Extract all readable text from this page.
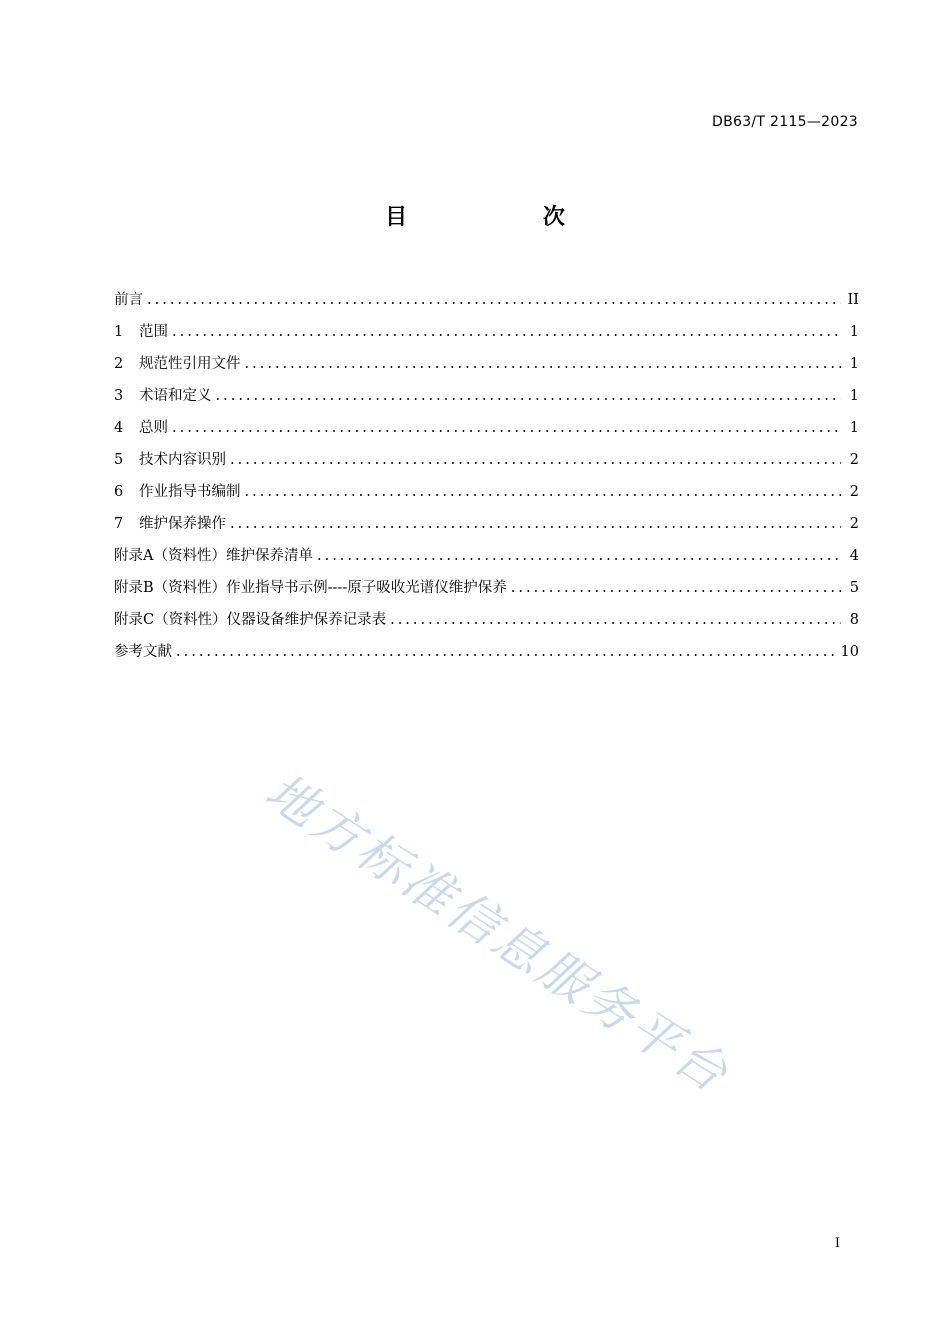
DB63/T 2115—2023
目 次
前言 .....	II
1	范围 .....	1
2	规范性引用文件 .....	1
3	术语和定义 .....	1
4	总则 .....	1
5	技术内容识别 .....	2
6	作业指导书编制 .....	2
7	维护保养操作 .....	2
附录A（资料性）维护保养清单 .....	4
附录B（资料性）作业指导书示例----原子吸收光谱仪维护保养 .....	5
附录C（资料性）仪器设备维护保养记录表 .....	8
参考文献 .....	10
地方标准信息服务平台
I
